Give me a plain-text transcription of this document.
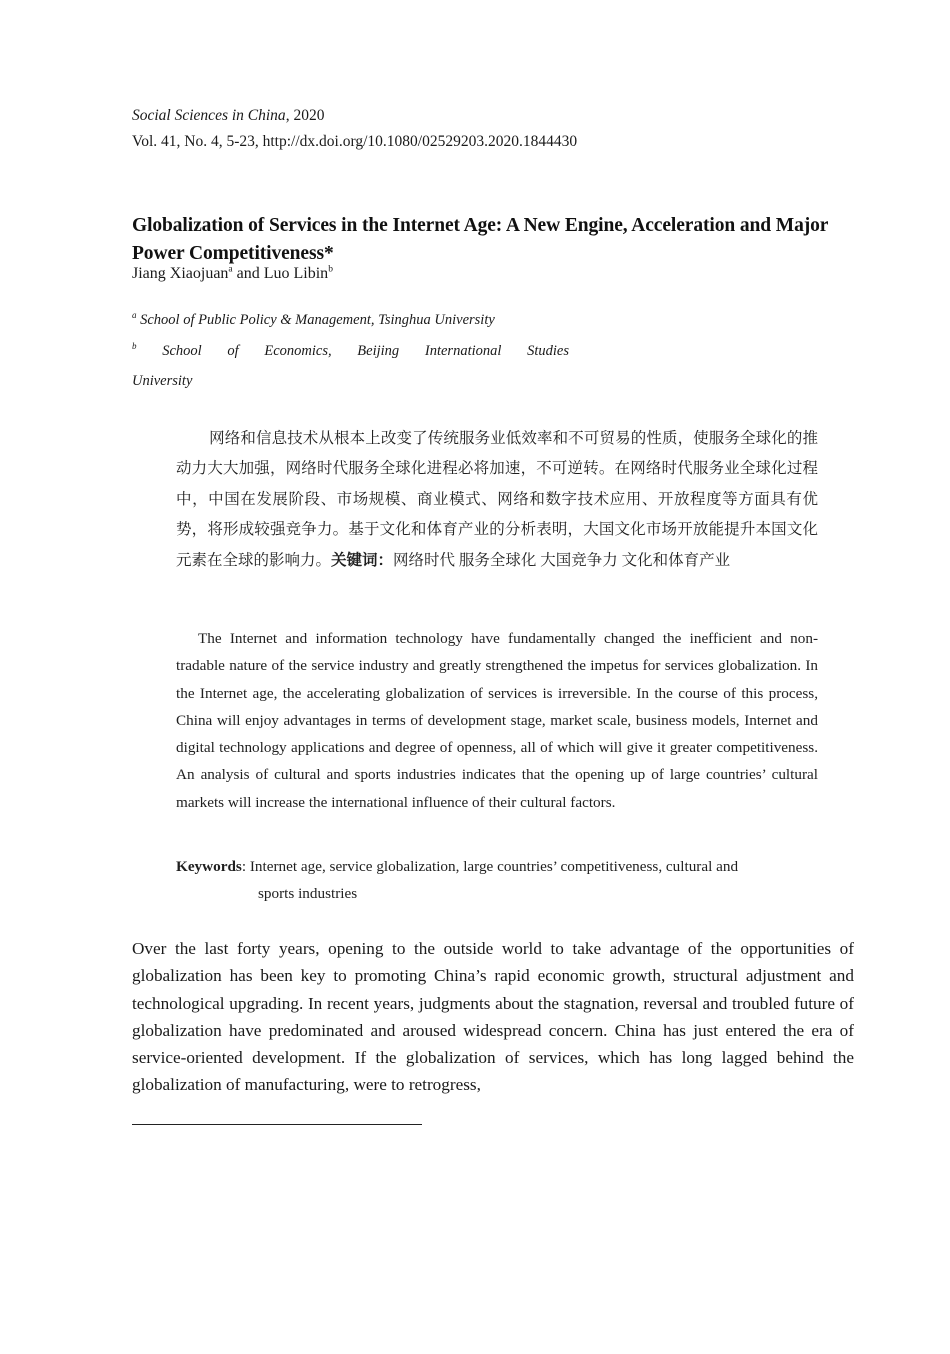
Social Sciences in China, 2020
Vol. 41, No. 4, 5-23, http://dx.doi.org/10.1080/02529203.2020.1844430
Globalization of Services in the Internet Age: A New Engine, Acceleration and Major Power Competitiveness*
Jiang Xiaojuan$^a$ and Luo Libin$^b$
$^a$ School of Public Policy & Management, Tsinghua University
$^b$ School of Economics, Beijing International Studies
University
网络和信息技术从根本上改变了传统服务业低效率和不可贸易的性质，使服务全球化的推动力大大加强，网络时代服务全球化进程必将加速，不可逆转。在网络时代服务业全球化过程中，中国在发展阶段、市场规模、商业模式、网络和数字技术应用、开放程度等方面具有优势，将形成较强竞争力。基于文化和体育产业的分析表明，大国文化市场开放能提升本国文化元素在全球的影响力。关键词：网络时代 服务全球化 大国竞争力 文化和体育产业
The Internet and information technology have fundamentally changed the inefficient and non-tradable nature of the service industry and greatly strengthened the impetus for services globalization. In the Internet age, the accelerating globalization of services is irreversible. In the course of this process, China will enjoy advantages in terms of development stage, market scale, business models, Internet and digital technology applications and degree of openness, all of which will give it greater competitiveness. An analysis of cultural and sports industries indicates that the opening up of large countries’ cultural markets will increase the international influence of their cultural factors.
Keywords: Internet age, service globalization, large countries’ competitiveness, cultural and
sports industries
Over the last forty years, opening to the outside world to take advantage of the opportunities of globalization has been key to promoting China’s rapid economic growth, structural adjustment and technological upgrading. In recent years, judgments about the stagnation, reversal and troubled future of globalization have predominated and aroused widespread concern. China has just entered the era of service-oriented development. If the globalization of services, which has long lagged behind the globalization of manufacturing, were to retrogress,
